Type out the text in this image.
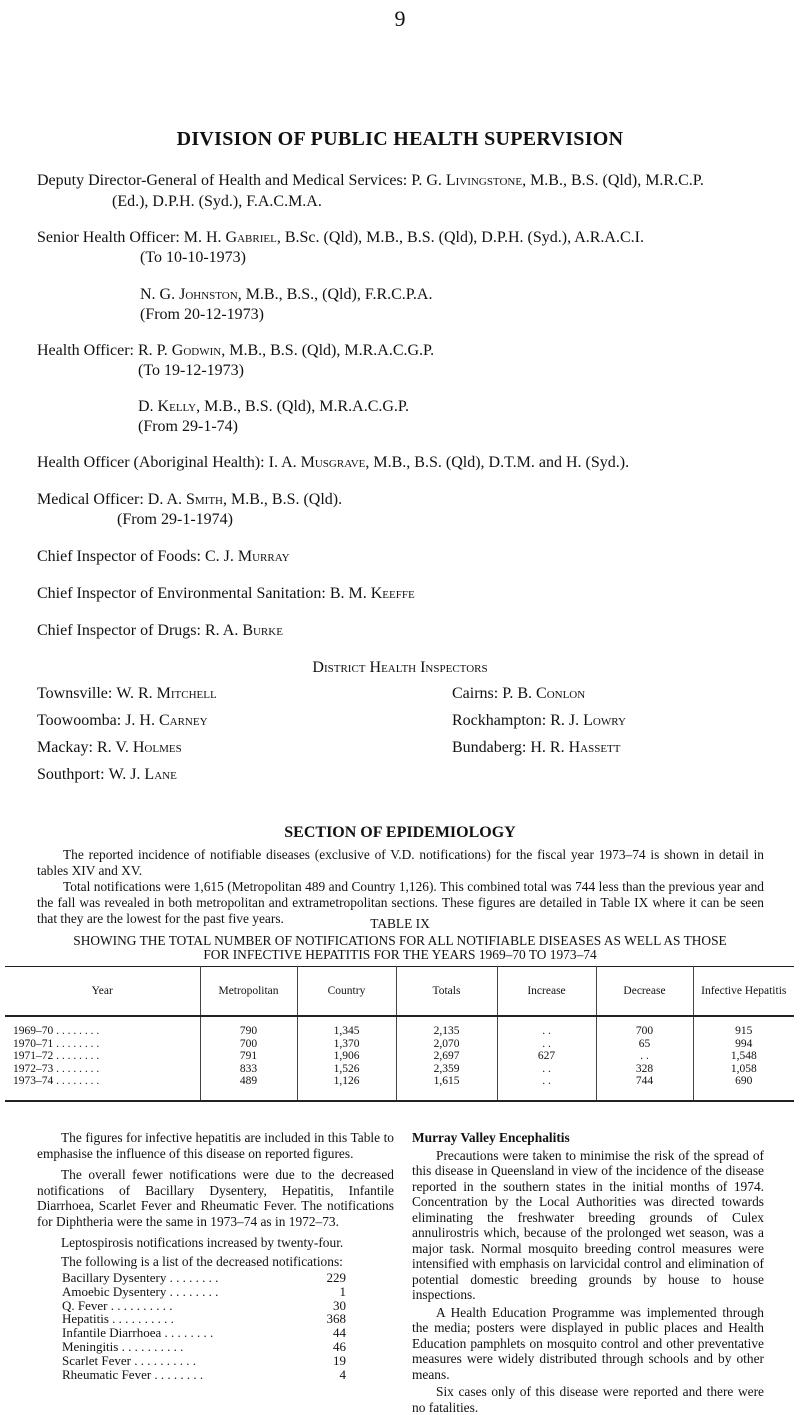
9
DIVISION OF PUBLIC HEALTH SUPERVISION
Deputy Director-General of Health and Medical Services: P. G. Livingstone, M.B., B.S. (Qld), M.R.C.P.
(Ed.), D.P.H. (Syd.), F.A.C.M.A.
Senior Health Officer: M. H. Gabriel, B.Sc. (Qld), M.B., B.S. (Qld), D.P.H. (Syd.), A.R.A.C.I.
(To 10-10-1973)
N. G. Johnston, M.B., B.S., (Qld), F.R.C.P.A.
(From 20-12-1973)
Health Officer: R. P. Godwin, M.B., B.S. (Qld), M.R.A.C.G.P.
(To 19-12-1973)
D. Kelly, M.B., B.S. (Qld), M.R.A.C.G.P.
(From 29-1-74)
Health Officer (Aboriginal Health): I. A. Musgrave, M.B., B.S. (Qld), D.T.M. and H. (Syd.).
Medical Officer: D. A. Smith, M.B., B.S. (Qld).
(From 29-1-1974)
Chief Inspector of Foods: C. J. Murray
Chief Inspector of Environmental Sanitation: B. M. Keeffe
Chief Inspector of Drugs: R. A. Burke
District Health Inspectors
Townsville: W. R. Mitchell
Toowoomba: J. H. Carney
Mackay: R. V. Holmes
Southport: W. J. Lane
Cairns: P. B. Conlon
Rockhampton: R. J. Lowry
Bundaberg: H. R. Hassett
SECTION OF EPIDEMIOLOGY
The reported incidence of notifiable diseases (exclusive of V.D. notifications) for the fiscal year 1973–74 is shown in detail in tables XIV and XV.
Total notifications were 1,615 (Metropolitan 489 and Country 1,126). This combined total was 744 less than the previous year and the fall was revealed in both metropolitan and extrametropolitan sections. These figures are detailed in Table IX where it can be seen that they are the lowest for the past five years.	TABLE IX
SHOWING THE TOTAL NUMBER OF NOTIFICATIONS FOR ALL NOTIFIABLE DISEASES AS WELL AS THOSE
FOR INFECTIVE HEPATITIS FOR THE YEARS 1969–70 TO 1973–74
Year	Metropolitan	Country	Totals	Increase	Decrease	Infective Hepatitis
1969–70 . . . . . . . .	790	1,345	2,135	. .	700	915
1970–71 . . . . . . . .	700	1,370	2,070	. .	65	994
1971–72 . . . . . . . .	791	1,906	2,697	627	. .	1,548
1972–73 . . . . . . . .	833	1,526	2,359	. .	328	1,058
1973–74 . . . . . . . .	489	1,126	1,615	. .	744	690

The figures for infective hepatitis are included in this Table to emphasise the influence of this disease on reported figures.

The overall fewer notifications were due to the decreased notifications of Bacillary Dysentery, Hepatitis, Infantile Diarrhoea, Scarlet Fever and Rheumatic Fever. The notifications for Diphtheria were the same in 1973–74 as in 1972–73.

Leptospirosis notifications increased by twenty-four.

The following is a list of the decreased notifications:

Bacillary Dysentery . . . . . . . .	229
Amoebic Dysentery . . . . . . . .	1
Q. Fever . . . . . . . . . .	30
Hepatitis . . . . . . . . . .	368
Infantile Diarrhoea . . . . . . . .	44
Meningitis . . . . . . . . . .	46
Scarlet Fever . . . . . . . . . .	19
Rheumatic Fever . . . . . . . .	4
Murray Valley Encephalitis

Precautions were taken to minimise the risk of the spread of this disease in Queensland in view of the incidence of the disease reported in the southern states in the initial months of 1974. Concentration by the Local Authorities was directed towards eliminating the freshwater breeding grounds of Culex annulirostris which, because of the prolonged wet season, was a major task. Normal mosquito breeding control measures were intensified with emphasis on larvicidal control and elimination of potential domestic breeding grounds by house to house inspections.

A Health Education Programme was implemented through the media; posters were displayed in public places and Health Education pamphlets on mosquito control and other preventative measures were widely distributed through schools and by other means.

Six cases only of this disease were reported and there were no fatalities.
